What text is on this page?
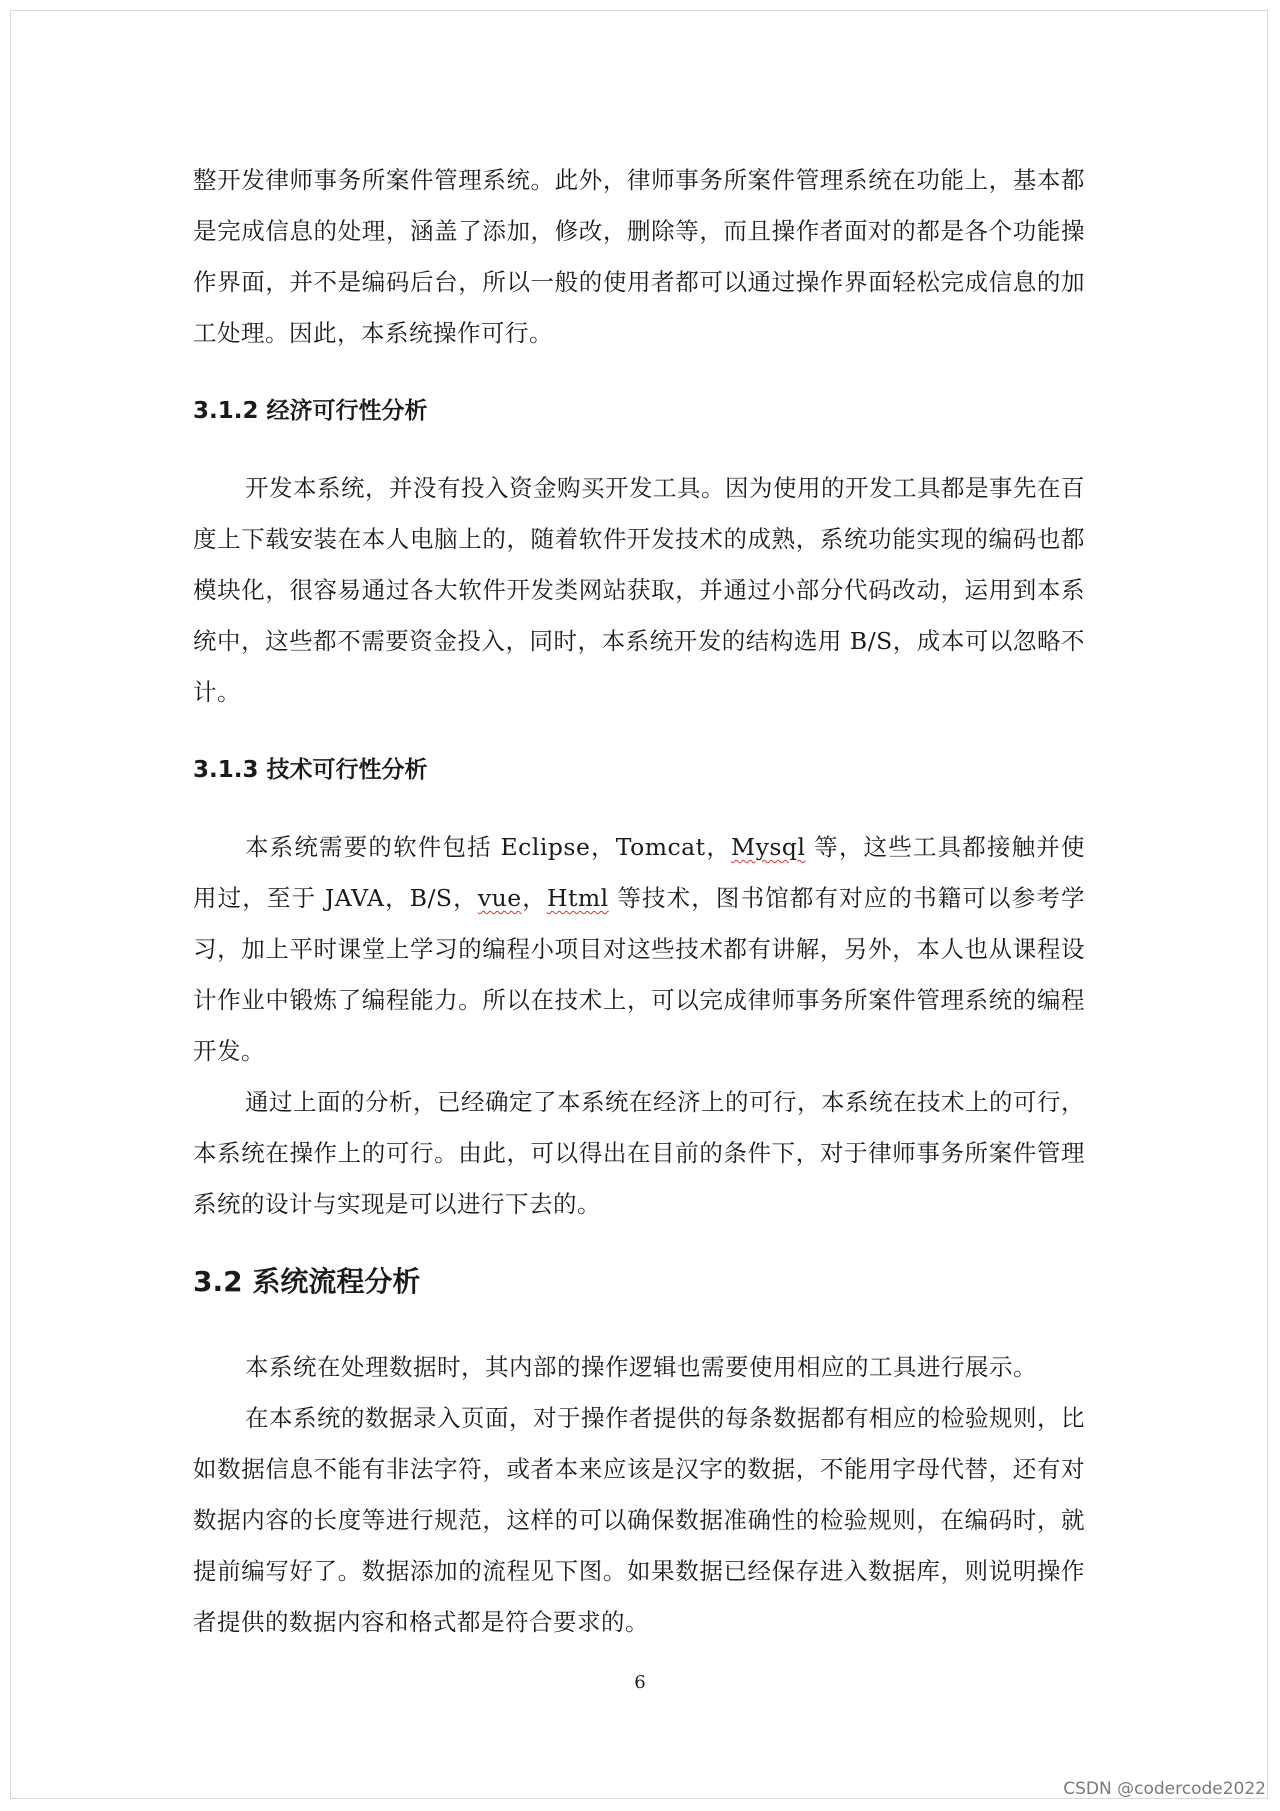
整开发律师事务所案件管理系统。此外，律师事务所案件管理系统在功能上，基本都是完成信息的处理，涵盖了添加，修改，删除等，而且操作者面对的都是各个功能操作界面，并不是编码后台，所以一般的使用者都可以通过操作界面轻松完成信息的加工处理。因此，本系统操作可行。

3.1.2 经济可行性分析

开发本系统，并没有投入资金购买开发工具。因为使用的开发工具都是事先在百度上下载安装在本人电脑上的，随着软件开发技术的成熟，系统功能实现的编码也都模块化，很容易通过各大软件开发类网站获取，并通过小部分代码改动，运用到本系统中，这些都不需要资金投入，同时，本系统开发的结构选用 B/S，成本可以忽略不计。

3.1.3 技术可行性分析

本系统需要的软件包括 Eclipse，Tomcat，Mysql 等，这些工具都接触并使用过，至于 JAVA，B/S，vue，Html 等技术，图书馆都有对应的书籍可以参考学习，加上平时课堂上学习的编程小项目对这些技术都有讲解，另外，本人也从课程设计作业中锻炼了编程能力。所以在技术上，可以完成律师事务所案件管理系统的编程开发。

通过上面的分析，已经确定了本系统在经济上的可行，本系统在技术上的可行，本系统在操作上的可行。由此，可以得出在目前的条件下，对于律师事务所案件管理系统的设计与实现是可以进行下去的。

3.2 系统流程分析

本系统在处理数据时，其内部的操作逻辑也需要使用相应的工具进行展示。

在本系统的数据录入页面，对于操作者提供的每条数据都有相应的检验规则，比如数据信息不能有非法字符，或者本来应该是汉字的数据，不能用字母代替，还有对数据内容的长度等进行规范，这样的可以确保数据准确性的检验规则，在编码时，就提前编写好了。数据添加的流程见下图。如果数据已经保存进入数据库，则说明操作者提供的数据内容和格式都是符合要求的。

6
CSDN @codercode2022
